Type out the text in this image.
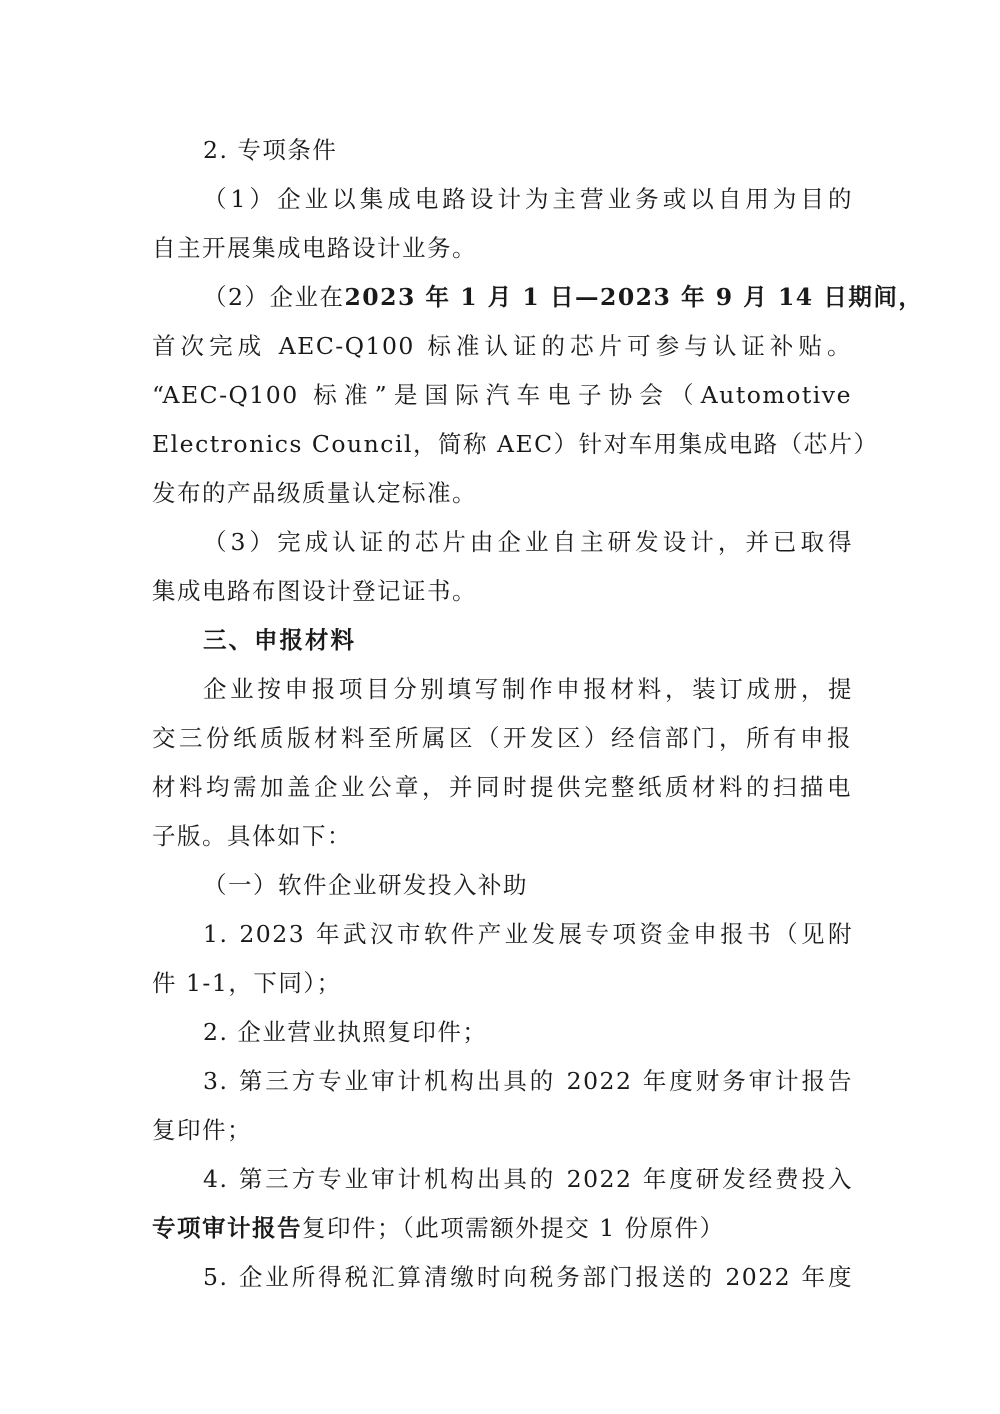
2. 专项条件
（1）企业以集成电路设计为主营业务或以自用为目的
自主开展集成电路设计业务。
（2）企业在2023 年 1 月 1 日—2023 年 9 月 14 日期间，
首次完成 AEC-Q100 标准认证的芯片可参与认证补贴。
“AEC-Q100 标准”是国际汽车电子协会（Automotive
Electronics Council，简称 AEC）针对车用集成电路（芯片）
发布的产品级质量认定标准。
（3）完成认证的芯片由企业自主研发设计，并已取得
集成电路布图设计登记证书。
三、申报材料
企业按申报项目分别填写制作申报材料，装订成册，提
交三份纸质版材料至所属区（开发区）经信部门，所有申报
材料均需加盖企业公章，并同时提供完整纸质材料的扫描电
子版。具体如下：
（一）软件企业研发投入补助
1. 2023 年武汉市软件产业发展专项资金申报书（见附
件 1-1，下同）；
2. 企业营业执照复印件；
3. 第三方专业审计机构出具的 2022 年度财务审计报告
复印件；
4. 第三方专业审计机构出具的 2022 年度研发经费投入
专项审计报告复印件；（此项需额外提交 1 份原件）
5. 企业所得税汇算清缴时向税务部门报送的 2022 年度
